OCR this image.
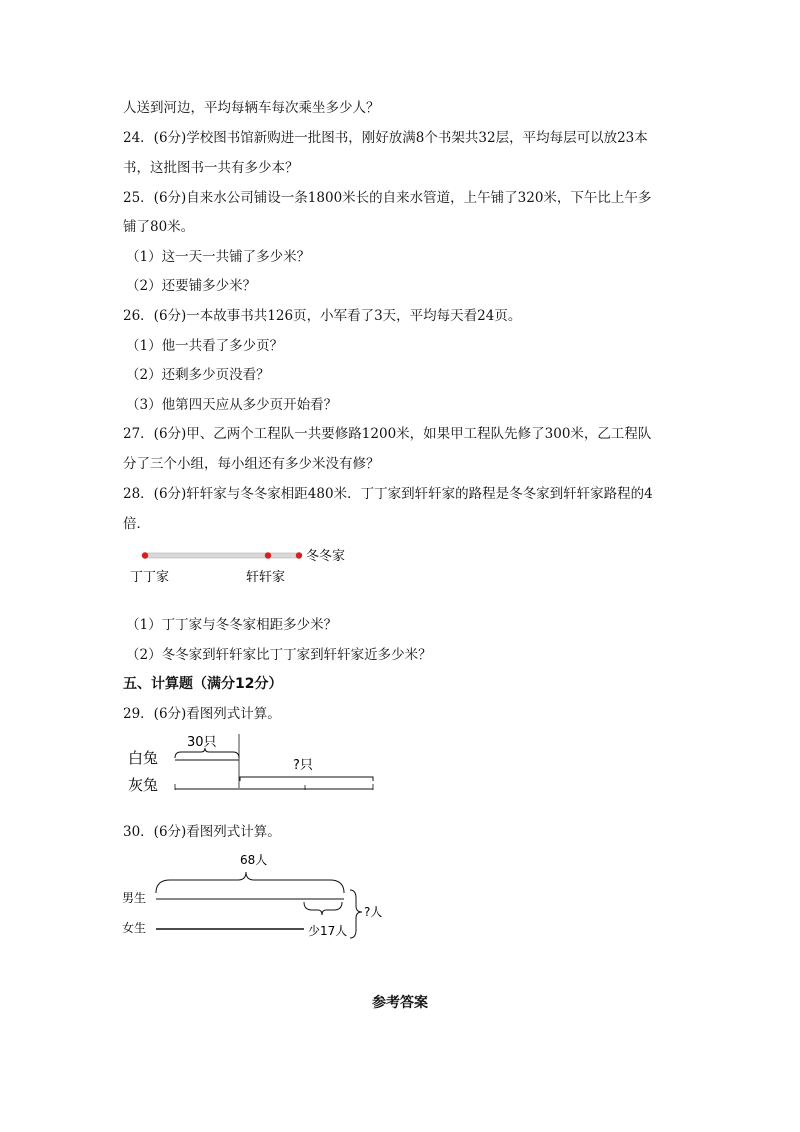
人送到河边，平均每辆车每次乘坐多少人？
24．(6分)学校图书馆新购进一批图书，刚好放满8个书架共32层，平均每层可以放23本
书，这批图书一共有多少本？
25．(6分)自来水公司铺设一条1800米长的自来水管道，上午铺了320米，下午比上午多
铺了80米。
（1）这一天一共铺了多少米？
（2）还要铺多少米？
26．(6分)一本故事书共126页，小军看了3天，平均每天看24页。
（1）他一共看了多少页？
（2）还剩多少页没看？
（3）他第四天应从多少页开始看？
27．(6分)甲、乙两个工程队一共要修路1200米，如果甲工程队先修了300米，乙工程队
分了三个小组，每小组还有多少米没有修？
28．(6分)轩轩家与冬冬家相距480米．丁丁家到轩轩家的路程是冬冬家到轩轩家路程的4
倍．
冬冬家
丁丁家	轩轩家
（1）丁丁家与冬冬家相距多少米？
（2）冬冬家到轩轩家比丁丁家到轩轩家近多少米？
五、计算题（满分12分）
29．(6分)看图列式计算。
白兔
灰兔
30只
?只
30．(6分)看图列式计算。
68人
男生
女生	少17人
?人
参考答案
